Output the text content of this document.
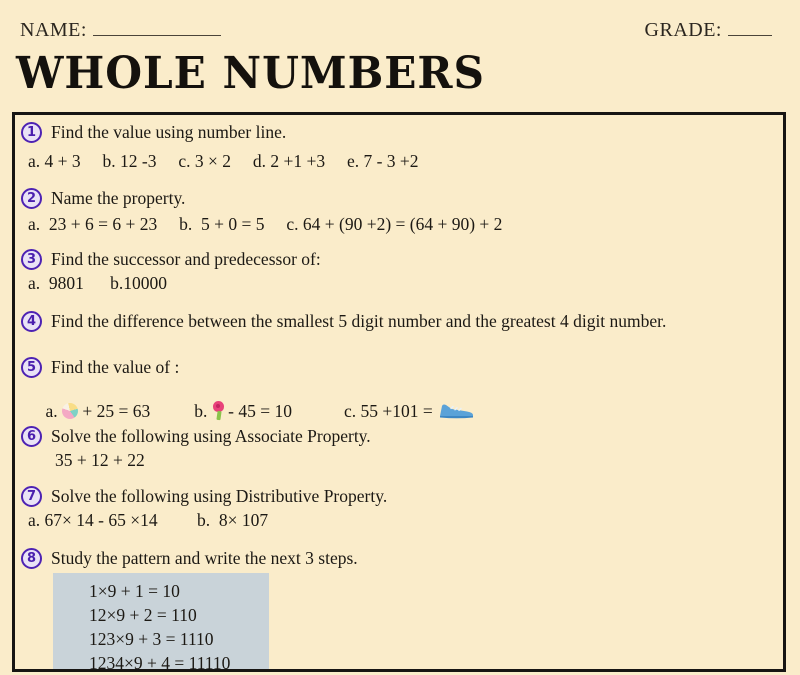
NAME:	GRADE:
WHOLE NUMBERS
1 Find the value using number line.
a. 4 + 3     b. 12 -3     c. 3 × 2     d. 2 +1 +3     e. 7 - 3 +2
2 Name the property.
a.  23 + 6 = 6 + 23     b.  5 + 0 = 5     c. 64 + (90 +2) = (64 + 90) + 2
3 Find the successor and predecessor of:
a.  9801      b.10000
4 Find the difference between the smallest 5 digit number and the greatest 4 digit number.
5 Find the value of :

a.  + 25 = 63	b.
- 45 = 10	c. 55 +101 =

6 Solve the following using Associate Property.
35 + 12 + 22
7 Solve the following using Distributive Property.
a. 67× 14 - 65 ×14         b.  8× 107
8 Study the pattern and write the next 3 steps.
1×9 + 1 = 10
12×9 + 2 = 110
123×9 + 3 = 1110
1234×9 + 4 = 11110
